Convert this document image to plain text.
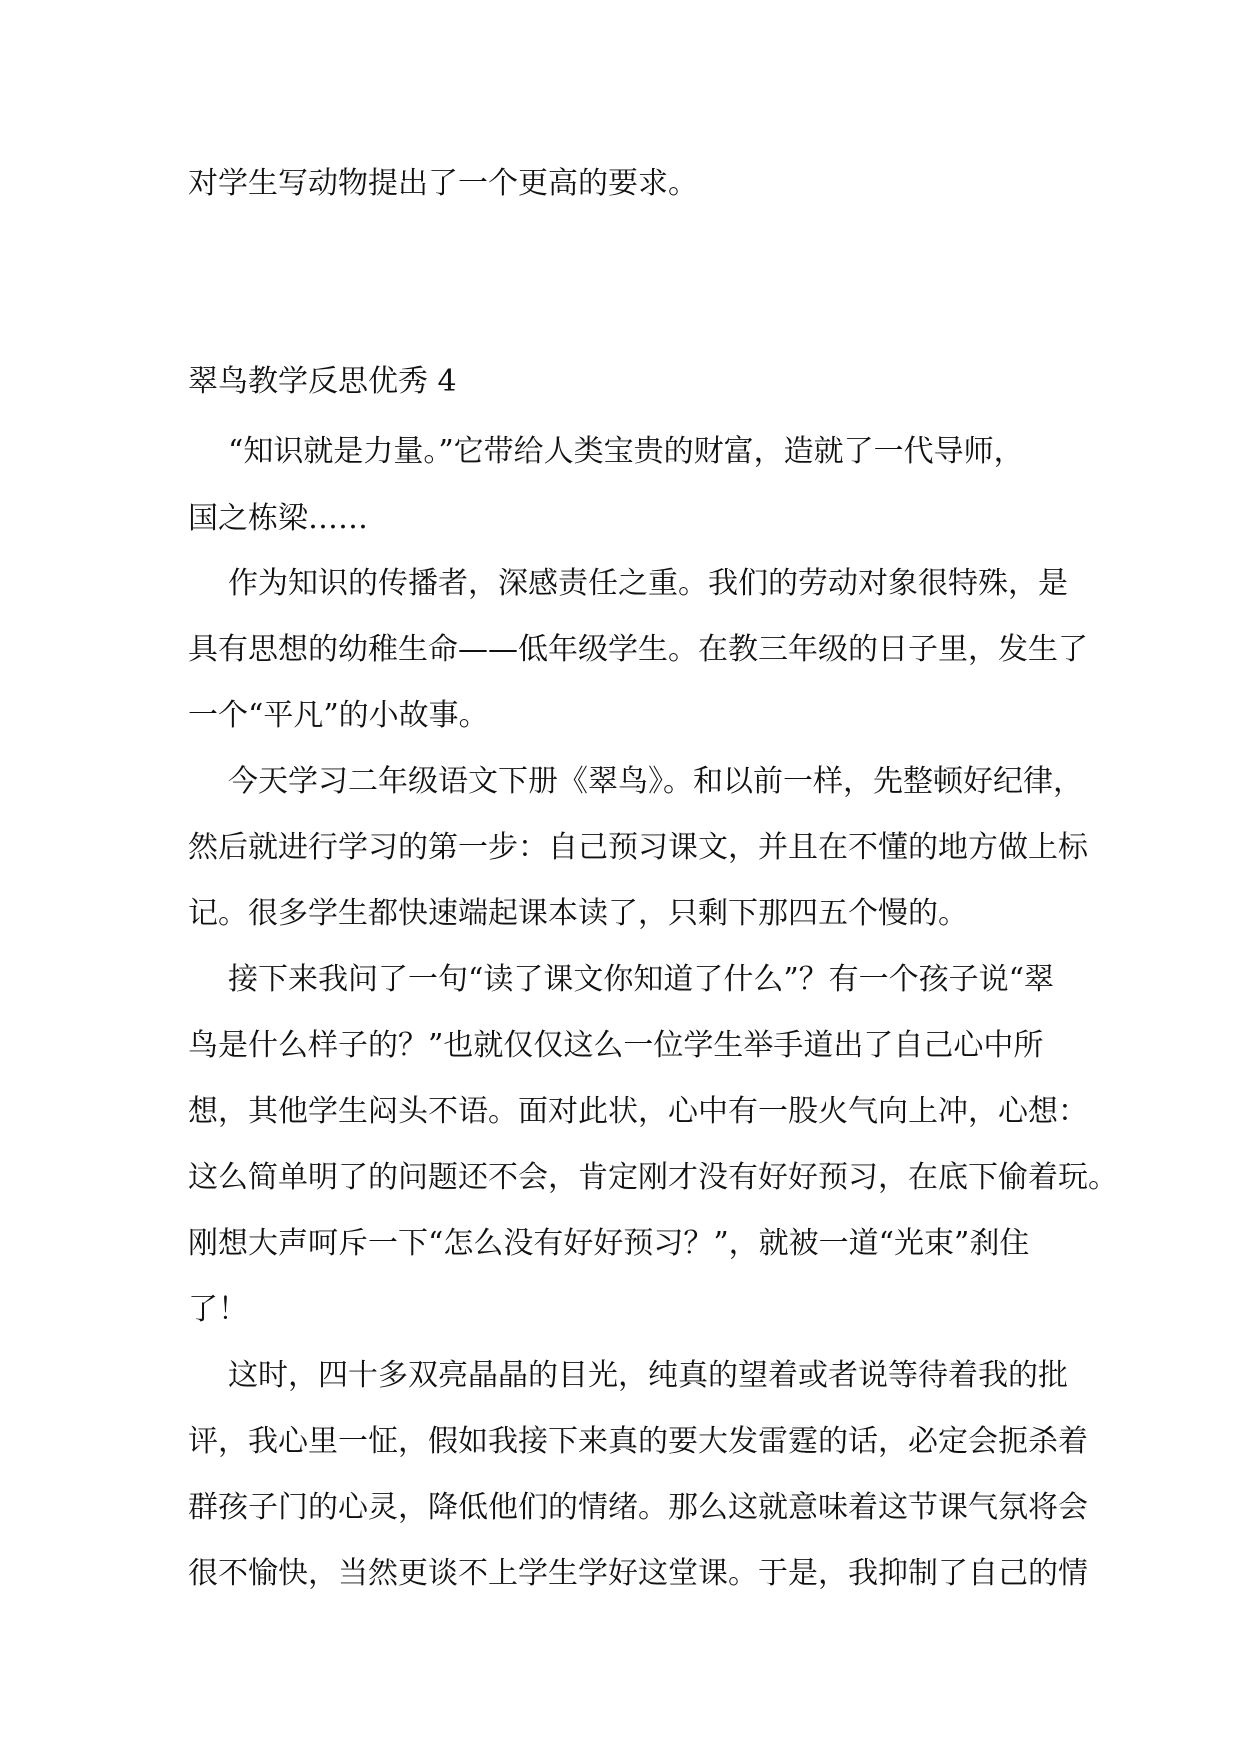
对学生写动物提出了一个更高的要求。

翠鸟教学反思优秀 4

“知识就是力量。”它带给人类宝贵的财富，造就了一代导师，

国之栋梁……

作为知识的传播者，深感责任之重。我们的劳动对象很特殊，是

具有思想的幼稚生命——低年级学生。在教三年级的日子里，发生了

一个“平凡”的小故事。

今天学习二年级语文下册《翠鸟》。和以前一样，先整顿好纪律，

然后就进行学习的第一步：自己预习课文，并且在不懂的地方做上标

记。很多学生都快速端起课本读了，只剩下那四五个慢的。

接下来我问了一句“读了课文你知道了什么”？有一个孩子说“翠

鸟是什么样子的？”也就仅仅这么一位学生举手道出了自己心中所

想，其他学生闷头不语。面对此状，心中有一股火气向上冲，心想：

这么简单明了的问题还不会，肯定刚才没有好好预习，在底下偷着玩。

刚想大声呵斥一下“怎么没有好好预习？”，就被一道“光束”刹住

了！

这时，四十多双亮晶晶的目光，纯真的望着或者说等待着我的批

评，我心里一怔，假如我接下来真的要大发雷霆的话，必定会扼杀着

群孩子门的心灵，降低他们的情绪。那么这就意味着这节课气氛将会

很不愉快，当然更谈不上学生学好这堂课。于是，我抑制了自己的情
